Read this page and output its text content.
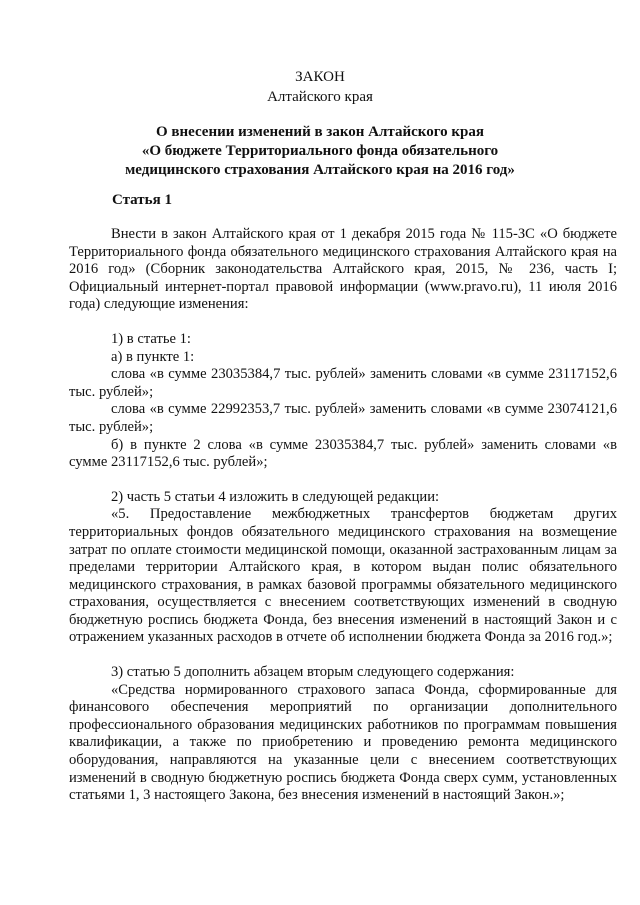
ЗАКОН
Алтайского края
О внесении изменений в закон Алтайского края
«О бюджете Территориального фонда обязательного
медицинского страхования Алтайского края на 2016 год»
Статья 1

Внести в закон Алтайского края от 1 декабря 2015 года № 115-ЗС «О бюджете Территориального фонда обязательного медицинского страхования Алтайского края на 2016 год» (Сборник законодательства Алтайского края, 2015, № 236, часть I; Официальный интернет-портал правовой информации (www.pravo.ru), 11 июля 2016 года) следующие изменения:

1) в статье 1:

а) в пункте 1:

слова «в сумме 23035384,7 тыс. рублей» заменить словами «в сумме 23117152,6 тыс. рублей»;

слова «в сумме 22992353,7 тыс. рублей» заменить словами «в сумме 23074121,6 тыс. рублей»;

б) в пункте 2 слова «в сумме 23035384,7 тыс. рублей» заменить словами «в сумме 23117152,6 тыс. рублей»;

2) часть 5 статьи 4 изложить в следующей редакции:

«5. Предоставление межбюджетных трансфертов бюджетам других территориальных фондов обязательного медицинского страхования на возмещение затрат по оплате стоимости медицинской помощи, оказанной застрахованным лицам за пределами территории Алтайского края, в котором выдан полис обязательного медицинского страхования, в рамках базовой программы обязательного медицинского страхования, осуществляется с внесением соответствующих изменений в сводную бюджетную роспись бюджета Фонда, без внесения изменений в настоящий Закон и с отражением указанных расходов в отчете об исполнении бюджета Фонда за 2016 год.»;

3) статью 5 дополнить абзацем вторым следующего содержания:

«Средства нормированного страхового запаса Фонда, сформированные для финансового обеспечения мероприятий по организации дополнительного профессионального образования медицинских работников по программам повышения квалификации, а также по приобретению и проведению ремонта медицинского оборудования, направляются на указанные цели с внесением соответствующих изменений в сводную бюджетную роспись бюджета Фонда сверх сумм, установленных статьями 1, 3 настоящего Закона, без внесения изменений в настоящий Закон.»;
